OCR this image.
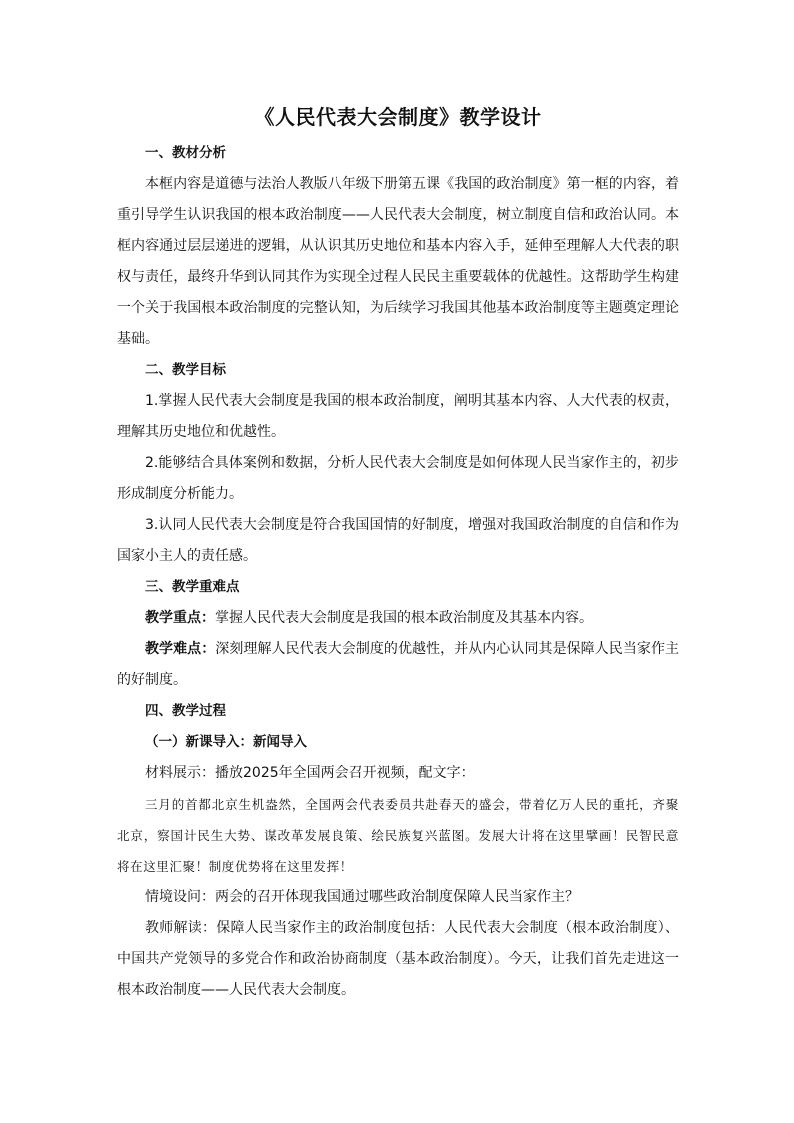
《人民代表大会制度》教学设计
一、教材分析

本框内容是道德与法治人教版八年级下册第五课《我国的政治制度》第一框的内容，着重引导学生认识我国的根本政治制度——人民代表大会制度，树立制度自信和政治认同。本框内容通过层层递进的逻辑，从认识其历史地位和基本内容入手，延伸至理解人大代表的职权与责任，最终升华到认同其作为实现全过程人民民主重要载体的优越性。这帮助学生构建一个关于我国根本政治制度的完整认知，为后续学习我国其他基本政治制度等主题奠定理论基础。

二、教学目标

1.掌握人民代表大会制度是我国的根本政治制度，阐明其基本内容、人大代表的权责，理解其历史地位和优越性。

2.能够结合具体案例和数据，分析人民代表大会制度是如何体现人民当家作主的，初步形成制度分析能力。

3.认同人民代表大会制度是符合我国国情的好制度，增强对我国政治制度的自信和作为国家小主人的责任感。

三、教学重难点

教学重点：掌握人民代表大会制度是我国的根本政治制度及其基本内容。

教学难点：深刻理解人民代表大会制度的优越性，并从内心认同其是保障人民当家作主的好制度。

四、教学过程
（一）新课导入：新闻导入

材料展示：播放2025年全国两会召开视频，配文字：

三月的首都北京生机盎然，全国两会代表委员共赴春天的盛会，带着亿万人民的重托，齐聚北京，察国计民生大势、谋改革发展良策、绘民族复兴蓝图。发展大计将在这里擘画！民智民意将在这里汇聚！制度优势将在这里发挥！

情境设问：两会的召开体现我国通过哪些政治制度保障人民当家作主？

教师解读：保障人民当家作主的政治制度包括：人民代表大会制度（根本政治制度）、中国共产党领导的多党合作和政治协商制度（基本政治制度）。今天，让我们首先走进这一根本政治制度——人民代表大会制度。
